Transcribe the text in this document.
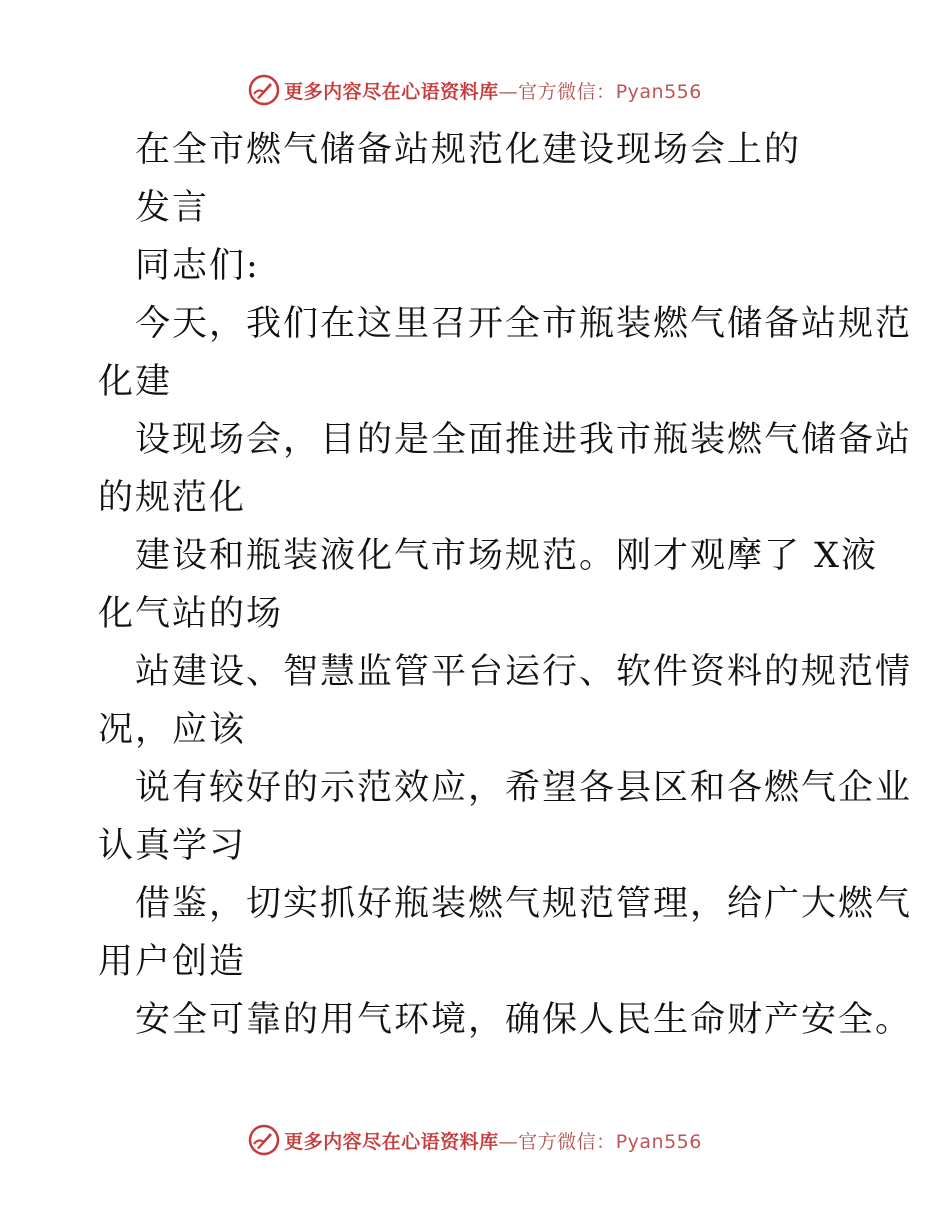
更多内容尽在心语资料库—官方微信：Pyan556
在全市燃气储备站规范化建设现场会上的
发言
同志们:
今天，我们在这里召开全市瓶装燃气储备站规范
化建
设现场会，目的是全面推进我市瓶装燃气储备站
的规范化
建设和瓶装液化气市场规范。刚才观摩了 X液
化气站的场
站建设、智慧监管平台运行、软件资料的规范情
况，应该
说有较好的示范效应，希望各县区和各燃气企业
认真学习
借鉴，切实抓好瓶装燃气规范管理，给广大燃气
用户创造
安全可靠的用气环境，确保人民生命财产安全。
更多内容尽在心语资料库—官方微信：Pyan556
